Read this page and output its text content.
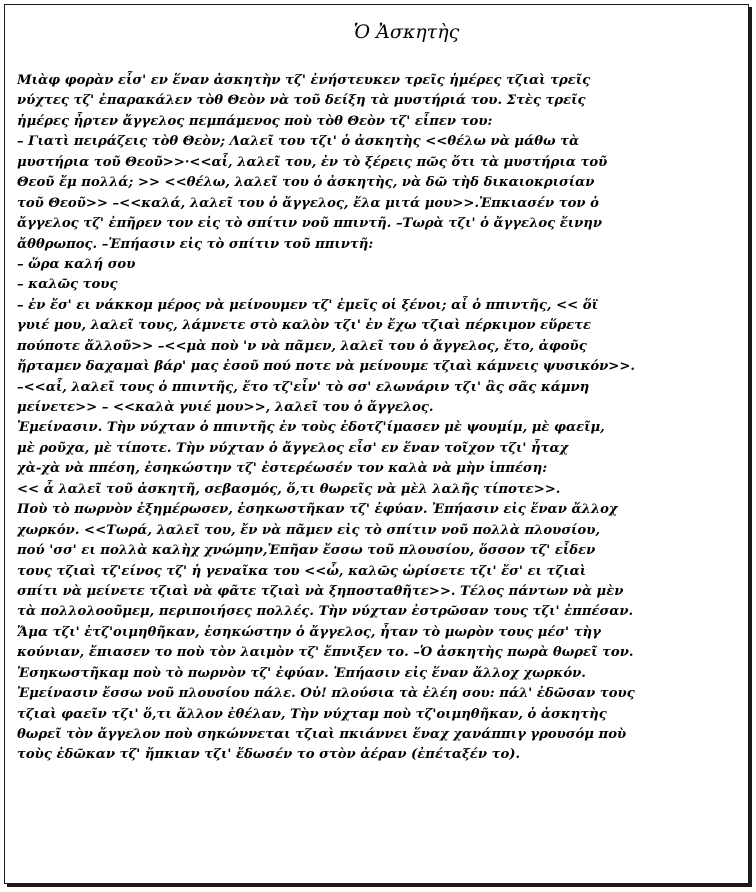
Ὁ Ἀσκητὴς
Μιὰφ φορὰν εἶσ' εν ἕναν ἀσκητὴν τζ' ἐνήστευκεν τρεῖς ἡμέρες τζιαὶ τρεῖς
νύχτες τζ' ἐπαρακάλεν τὸθ Θεὸν νὰ τοῦ δείξη τὰ μυστήριά του. Στὲς τρεῖς
ἡμέρες ἦρτεν ἄγγελος πεμπάμενος ποὺ τὸθ Θεὸν τζ' εἶπεν του:
– Γιατὶ πειράζεις τὸθ Θεὸν; Λαλεῖ του τζι' ὁ ἀσκητὴς <<θέλω νὰ μάθω τὰ
μυστήρια τοῦ Θεοῦ>>·<<αἶ, λαλεῖ του, ἐν τὸ ξέρεις πῶς ὅτι τὰ μυστήρια τοῦ
Θεοῦ ἔμ πολλά; >> <<θέλω, λαλεῖ του ὁ ἀσκητὴς, νὰ δῶ τὴδ δικαιοκρισίαν
τοῦ Θεοῦ>> –<<καλά, λαλεῖ του ὁ ἄγγελος, ἔλα μιτά μου>>.Ἐπκιασέν τον ὁ
ἄγγελος τζ' ἐπῆρεν τον εἰς τὸ σπίτιν νοῦ ππιντῆ. –Τωρὰ τζι' ὁ ἄγγελος ἔινην
ἄθθρωπος. –Ἐπήασιν εἰς τὸ σπίτιν τοῦ ππιντῆ:
– ὥρα καλή σου
– καλῶς τους
– ἐν ἔσ' ει νάκκομ μέρος νὰ μείνουμεν τζ' ἐμεῖς οἱ ξένοι; αἶ ὁ ππιντῆς, << ὅϊ
γυιέ μου, λαλεῖ τους, λάμνετε στὸ καλὸν τζι' ἐν ἔχω τζιαὶ πέρκιμον εὕρετε
πούποτε ἄλλοῦ>> –<<μὰ ποὺ 'ν νὰ πᾶμεν, λαλεῖ του ὁ ἄγγελος, ἔτο, ἀφοῦς
ἤρταμεν δαχαμαὶ βάρ' μας ἐσοῦ πού ποτε νὰ μείνουμε τζιαὶ κάμνεις ψυσικόν>>.
–<<αἶ, λαλεῖ τους ὁ ππιντῆς, ἔτο τζ'εἶν' τὸ σσ' ελωνάριν τζι' ἂς σᾶς κάμνη
μείνετε>> – <<καλὰ γυιέ μου>>, λαλεῖ του ὁ ἄγγελος.
Ἐμείνασιν. Τὴν νύχταν ὁ ππιντῆς ἐν τοὺς ἐδοτζ'ίμασεν μὲ ψουμίμ, μὲ φαεῖμ,
μὲ ροῦχα, μὲ τίποτε. Τὴν νύχταν ὁ ἄγγελος εἶσ' εν ἕναν τοῖχον τζι' ἦταχ
χὰ-χὰ νὰ ππέση, ἐσηκώστην τζ' ἐστερέωσέν τον καλὰ νὰ μὴν ἱππέση:
<< ἆ λαλεῖ τοῦ ἀσκητῆ, σεβασμός, ὅ,τι θωρεῖς νὰ μὲλ λαλῆς τίποτε>>.
Ποὺ τὸ πωρνὸν ἐξημέρωσεν, ἐσηκωστῆκαν τζ' ἐφύαν. Ἐπήασιν εἰς ἕναν ἄλλοχ
χωρκόν. <<Τωρά, λαλεῖ του, ἔν νὰ πᾶμεν εἰς τὸ σπίτιν νοῦ πολλὰ πλουσίου,
πού 'σσ' ει πολλὰ καλὴχ χνώμην,Ἐπῆαν ἔσσω τοῦ πλουσίου, ὅσσον τζ' εἶδεν
τους τζιαὶ τζ'είνος τζ' ἡ γεναῖκα του <<ὦ, καλῶς ὡρίσετε τζι' ἔσ' ει τζιαὶ
σπίτι νὰ μείνετε τζιαὶ νὰ φᾶτε τζιαὶ νὰ ξηποσταθῆτε>>. Τέλος πάντων νὰ μὲν
τὰ πολλολοοῦμεμ, περιποιήσες πολλές. Τὴν νύχταν ἐστρῶσαν τους τζι' ἐππέσαν.
Ἅμα τζι' ἐτζ'οιμηθῆκαν, ἐσηκώστην ὁ ἄγγελος, ἦταν τὸ μωρὸν τους μέσ' τὴγ
κούνιαν, ἔπιασεν το ποὺ τὸν λαιμὸν τζ' ἔπνιξεν το. –Ὁ ἀσκητὴς πωρὰ θωρεῖ τον.
Ἐσηκωστῆκαμ ποὺ τὸ πωρνὸν τζ' ἐφύαν. Ἐπήασιν εἰς ἕναν ἄλλοχ χωρκόν.
Ἐμείνασιν ἔσσω νοῦ πλουσίου πάλε. Οὐ! πλούσια τὰ ἐλέη σου: πάλ' ἐδῶσαν τους
τζιαὶ φαεῖν τζι' ὅ,τι ἄλλον ἐθέλαν, Τὴν νύχταμ ποὺ τζ'οιμηθῆκαν, ὁ ἀσκητὴς
θωρεῖ τὸν ἄγγελον ποὺ σηκώννεται τζιαὶ πκιάννει ἕναχ χανάππιγ γρουσόμ ποὺ
τοὺς ἐδῶκαν τζ' ἤπκιαν τζι' ἔδωσέν το στὸν ἀέραν (ἐπέταξέν το).
